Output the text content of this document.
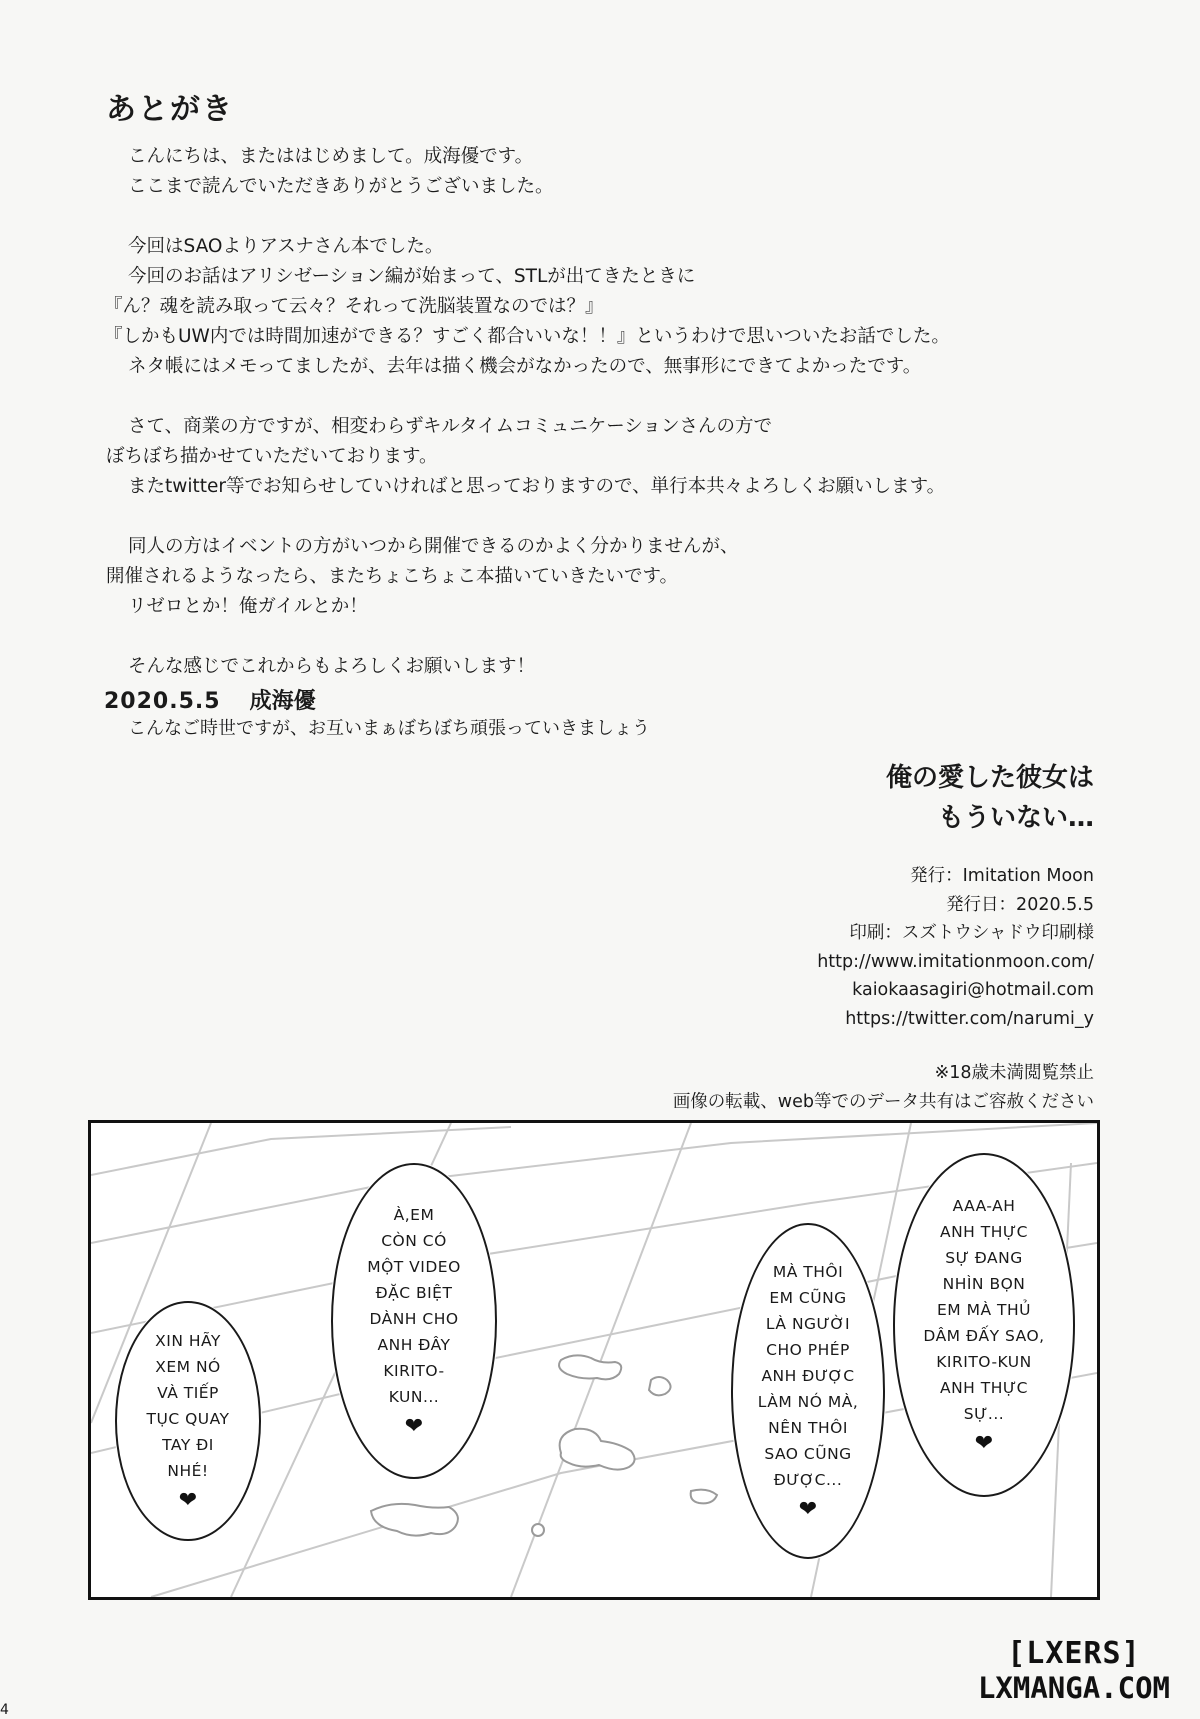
あとがき
こんにちは、またははじめまして。成海優です。
ここまで読んでいただきありがとうございました。
今回はSAOよりアスナさん本でした。
今回のお話はアリシゼーション編が始まって、STLが出てきたときに
『ん？魂を読み取って云々？それって洗脳装置なのでは？』
『しかもUW内では時間加速ができる？すごく都合いいな！！』というわけで思いついたお話でした。
ネタ帳にはメモってましたが、去年は描く機会がなかったので、無事形にできてよかったです。
さて、商業の方ですが、相変わらずキルタイムコミュニケーションさんの方で
ぼちぼち描かせていただいております。
またtwitter等でお知らせしていければと思っておりますので、単行本共々よろしくお願いします。
同人の方はイベントの方がいつから開催できるのかよく分かりませんが、
開催されるようなったら、またちょこちょこ本描いていきたいです。
リゼロとか！俺ガイルとか！
そんな感じでこれからもよろしくお願いします！
2020.5.5 成海優
こんなご時世ですが、お互いまぁぼちぼち頑張っていきましょう
俺の愛した彼女は
もういない…
発行：Imitation Moon
発行日：2020.5.5
印刷：スズトウシャドウ印刷様
http://www.imitationmoon.com/
kaiokaasagiri@hotmail.com
https://twitter.com/narumi_y
※18歳未満閲覧禁止
画像の転載、web等でのデータ共有はご容赦ください
XIN HÃY
XEM NÓ
VÀ TIẾP
TỤC QUAY
TAY ĐI
NHÉ!
❤
À,EM
CÒN CÓ
MỘT VIDEO
ĐẶC BIỆT
DÀNH CHO
ANH ĐÂY
KIRITO-
KUN...
❤
MÀ THÔI
EM CŨNG
LÀ NGƯỜI
CHO PHÉP
ANH ĐƯỢC
LÀM NÓ MÀ,
NÊN THÔI
SAO CŨNG
ĐƯỢC...
❤
AAA-AH
ANH THỰC
SỰ ĐANG
NHÌN BỌN
EM MÀ THỦ
DÂM ĐẤY SAO,
KIRITO-KUN
ANH THỰC
SỰ...
❤
[LXERS]
LXMANGA.COM
4
